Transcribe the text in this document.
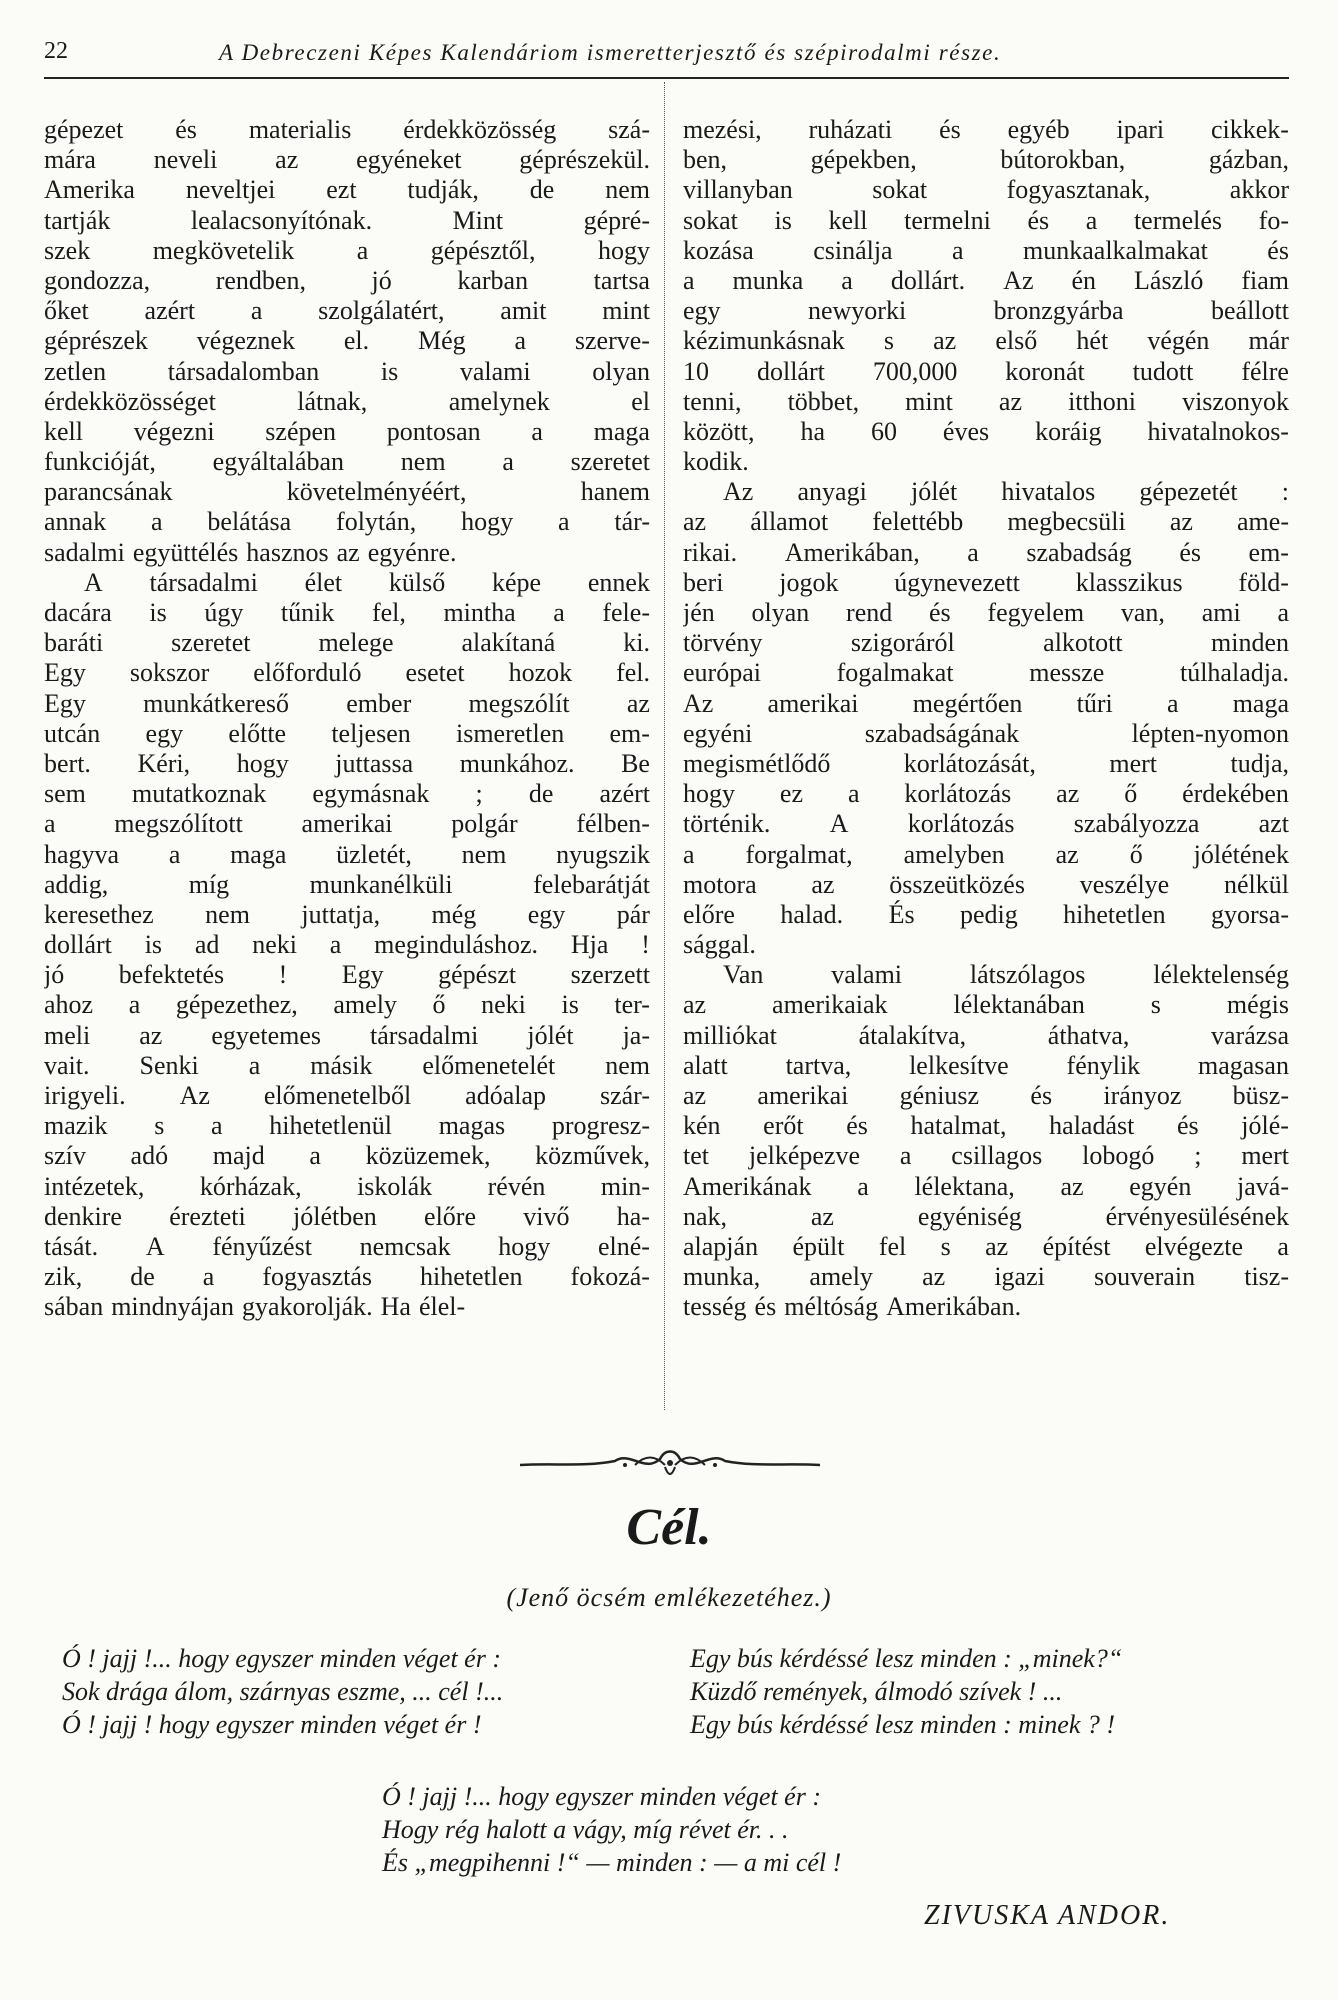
22	A Debreczeni Képes Kalendáriom ismeretterjesztő és szépirodalmi része.
gépezet és materialis érdekközösség szá-
mára neveli az egyéneket géprészekül.
Amerika neveltjei ezt tudják, de nem
tartják	lealacsonyítónak.	Mint	gépré-
szek megkövetelik a gépésztől, hogy
gondozza,	rendben,	jó	karban	tartsa
őket azért a szolgálatért, amit mint
géprészek végeznek el. Még a szerve-
zetlen társadalomban is valami olyan
érdekközösséget	látnak,	amelynek	el
kell végezni szépen pontosan a maga
funkcióját, egyáltalában nem a szeretet
parancsának	követelményéért,	hanem
annak a belátása folytán, hogy a tár-
sadalmi együttélés hasznos az egyénre.
A társadalmi élet külső képe ennek
dacára is úgy tűnik fel, mintha a fele-
baráti	szeretet	melege	alakítaná	ki.
Egy sokszor előforduló esetet hozok fel.
Egy munkátkereső ember megszólít az
utcán egy előtte teljesen ismeretlen em-
bert. Kéri, hogy juttassa munkához. Be
sem mutatkoznak egymásnak ; de azért
a megszólított amerikai polgár félben-
hagyva a maga üzletét, nem nyugszik
addig,	míg	munkanélküli	felebarátját
keresethez nem juttatja, még egy pár
dollárt is ad neki a meginduláshoz. Hja !
jó befektetés ! Egy gépészt szerzett
ahoz a gépezethez, amely ő neki is ter-
meli az egyetemes társadalmi jólét ja-
vait. Senki a másik előmenetelét nem
irigyeli. Az előmenetelből adóalap szár-
mazik s a hihetetlenül magas progresz-
szív adó majd a közüzemek, közművek,
intézetek, kórházak, iskolák révén min-
denkire érezteti jólétben előre vivő ha-
tását. A fényűzést nemcsak hogy elné-
zik, de a fogyasztás hihetetlen fokozá-
sában mindnyájan gyakorolják. Ha élel-
mezési, ruházati és egyéb ipari cikkek-
ben,	gépekben,	bútorokban,	gázban,
villanyban	sokat	fogyasztanak,	akkor
sokat is kell termelni és a termelés fo-
kozása csinálja a munkaalkalmakat és
a munka a dollárt. Az én László fiam
egy	newyorki	bronzgyárba	beállott
kézimunkásnak s az első hét végén már
10 dollárt 700,000 koronát tudott félre
tenni, többet, mint az itthoni viszonyok
között, ha 60 éves koráig hivatalnokos-
kodik.
Az anyagi jólét hivatalos gépezetét :
az államot felettébb megbecsüli az ame-
rikai. Amerikában, a szabadság és em-
beri jogok úgynevezett klasszikus föld-
jén olyan rend és fegyelem van, ami a
törvény	szigoráról	alkotott	minden
európai	fogalmakat	messze	túlhaladja.
Az amerikai megértően tűri a maga
egyéni	szabadságának	lépten-nyomon
megismétlődő	korlátozását,	mert	tudja,
hogy ez a korlátozás az ő érdekében
történik. A korlátozás szabályozza azt
a forgalmat, amelyben az ő jólétének
motora az összeütközés veszélye nélkül
előre halad. És pedig hihetetlen gyorsa-
sággal.
Van	valami	látszólagos	lélektelenség
az	amerikaiak	lélektanában	s	mégis
milliókat	átalakítva,	áthatva,	varázsa
alatt tartva, lelkesítve fénylik magasan
az amerikai géniusz és irányoz büsz-
kén erőt és hatalmat, haladást és jólé-
tet jelképezve a csillagos lobogó ; mert
Amerikának a lélektana, az egyén javá-
nak,	az	egyéniség	érvényesülésének
alapján épült fel s az építést elvégezte a
munka, amely az igazi souverain tisz-
tesség és méltóság Amerikában.
Cél.
(Jenő öcsém emlékezetéhez.)
Ó ! jajj !... hogy egyszer minden véget ér :
Sok drága álom, szárnyas eszme, ... cél !...
Ó ! jajj ! hogy egyszer minden véget ér !
Egy bús kérdéssé lesz minden : „minek?“
Küzdő remények, álmodó szívek ! ...
Egy bús kérdéssé lesz minden : minek ? !
Ó ! jajj !... hogy egyszer minden véget ér :
Hogy rég halott a vágy, míg révet ér. . .
És „megpihenni !“ — minden : — a mi cél !
ZIVUSKA ANDOR.
